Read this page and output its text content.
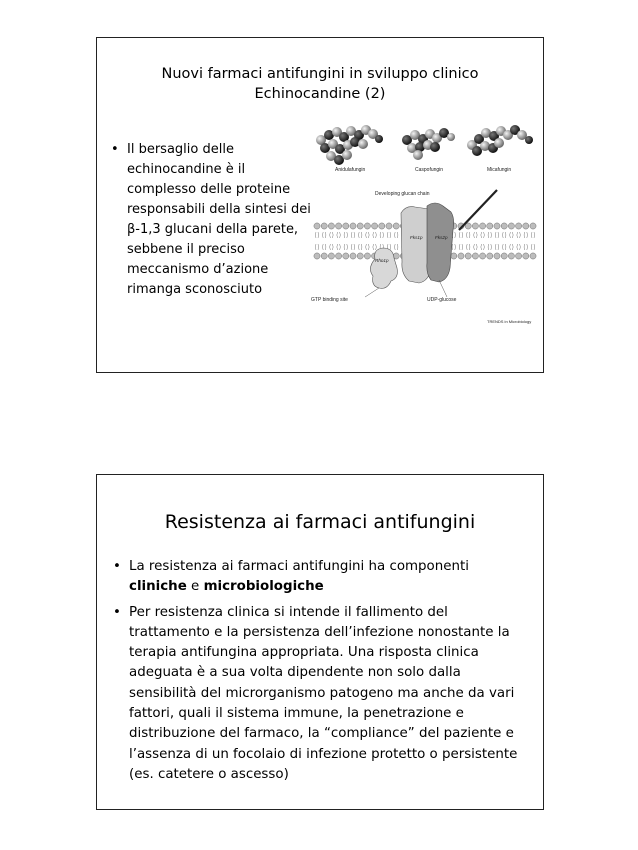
Nuovi farmaci antifungini in sviluppo clinico
Echinocandine (2)
• Il bersaglio delle echinocandine è il complesso delle proteine responsabili della sintesi dei β-1,3 glucani della parete, sebbene il preciso meccanismo d’azione rimanga sconosciuto
Anidulafungin	Caspofungin	Micafungin
Developing glucan chain
GTP binding site	UDP-glucose
TRENDS in Microbiology
Fks1p	Fks2p
Rho1p
Resistenza ai farmaci antifungini
• La resistenza ai farmaci antifungini ha componenti cliniche e microbiologiche
• Per resistenza clinica si intende il fallimento del trattamento e la persistenza dell’infezione nonostante la terapia antifungina appropriata. Una risposta clinica adeguata è a sua volta dipendente non solo dalla sensibilità del microrganismo patogeno ma anche da vari fattori, quali il sistema immune, la penetrazione e distribuzione del farmaco, la “compliance” del paziente e l’assenza di un focolaio di infezione protetto o persistente (es. catetere o ascesso)
